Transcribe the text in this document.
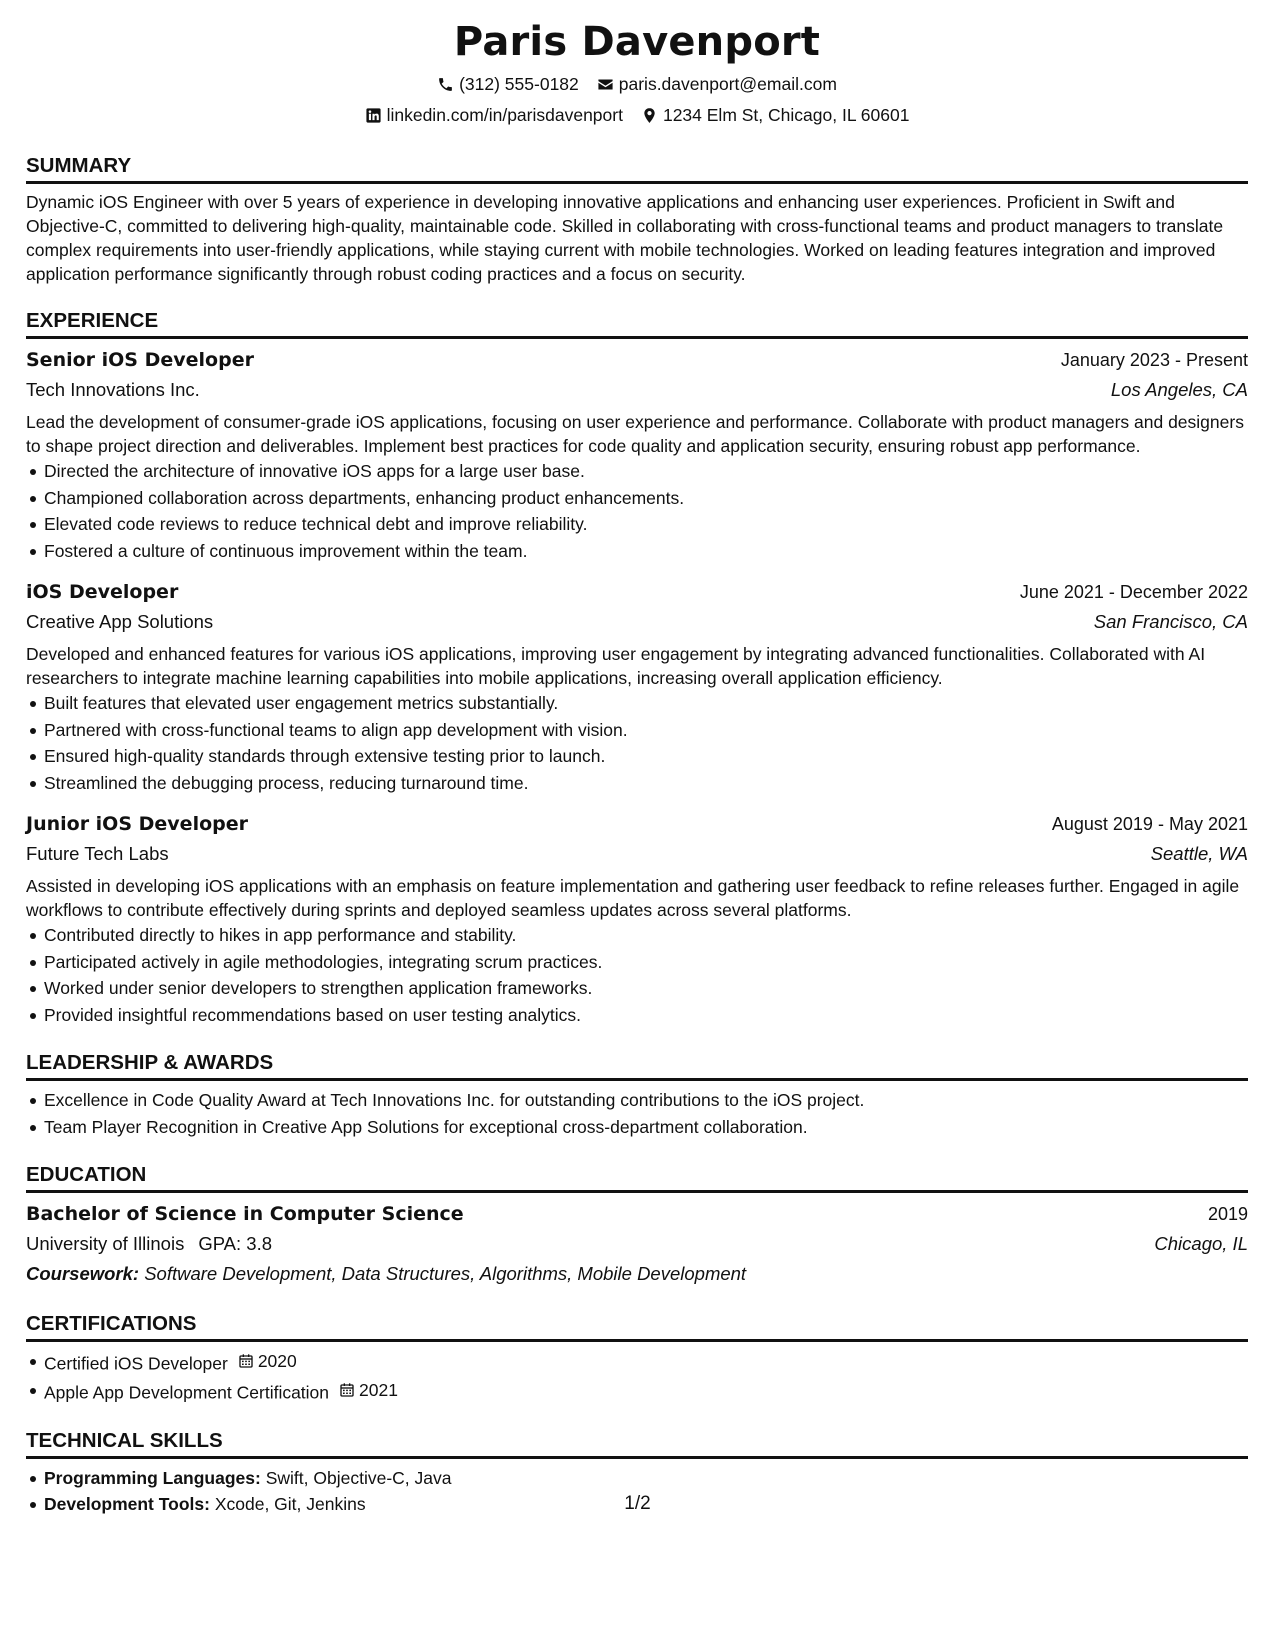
Paris Davenport
(312) 555-0182 paris.davenport@email.com
linkedin.com/in/parisdavenport 1234 Elm St, Chicago, IL 60601
SUMMARY

Dynamic iOS Engineer with over 5 years of experience in developing innovative applications and enhancing user experiences. Proficient in Swift and Objective-C, committed to delivering high-quality, maintainable code. Skilled in collaborating with cross-functional teams and product managers to translate complex requirements into user-friendly applications, while staying current with mobile technologies. Worked on leading features integration and improved application performance significantly through robust coding practices and a focus on security.

EXPERIENCE
Senior iOS Developer	January 2023 - Present
Tech Innovations Inc.	Los Angeles, CA

Lead the development of consumer-grade iOS applications, focusing on user experience and performance. Collaborate with product managers and designers to shape project direction and deliverables. Implement best practices for code quality and application security, ensuring robust app performance.

Directed the architecture of innovative iOS apps for a large user base.
Championed collaboration across departments, enhancing product enhancements.
Elevated code reviews to reduce technical debt and improve reliability.
Fostered a culture of continuous improvement within the team.
iOS Developer	June 2021 - December 2022
Creative App Solutions	San Francisco, CA

Developed and enhanced features for various iOS applications, improving user engagement by integrating advanced functionalities. Collaborated with AI researchers to integrate machine learning capabilities into mobile applications, increasing overall application efficiency.

Built features that elevated user engagement metrics substantially.
Partnered with cross-functional teams to align app development with vision.
Ensured high-quality standards through extensive testing prior to launch.
Streamlined the debugging process, reducing turnaround time.
Junior iOS Developer	August 2019 - May 2021
Future Tech Labs	Seattle, WA

Assisted in developing iOS applications with an emphasis on feature implementation and gathering user feedback to refine releases further. Engaged in agile workflows to contribute effectively during sprints and deployed seamless updates across several platforms.

Contributed directly to hikes in app performance and stability.
Participated actively in agile methodologies, integrating scrum practices.
Worked under senior developers to strengthen application frameworks.
Provided insightful recommendations based on user testing analytics.
LEADERSHIP & AWARDS
Excellence in Code Quality Award at Tech Innovations Inc. for outstanding contributions to the iOS project.
Team Player Recognition in Creative App Solutions for exceptional cross-department collaboration.
EDUCATION
Bachelor of Science in Computer Science	2019
University of Illinois GPA: 3.8	Chicago, IL
Coursework: Software Development, Data Structures, Algorithms, Mobile Development
CERTIFICATIONS
Certified iOS Developer 2020
Apple App Development Certification 2021
TECHNICAL SKILLS
Programming Languages: Swift, Objective-C, Java
Development Tools: Xcode, Git, Jenkins	1/2
